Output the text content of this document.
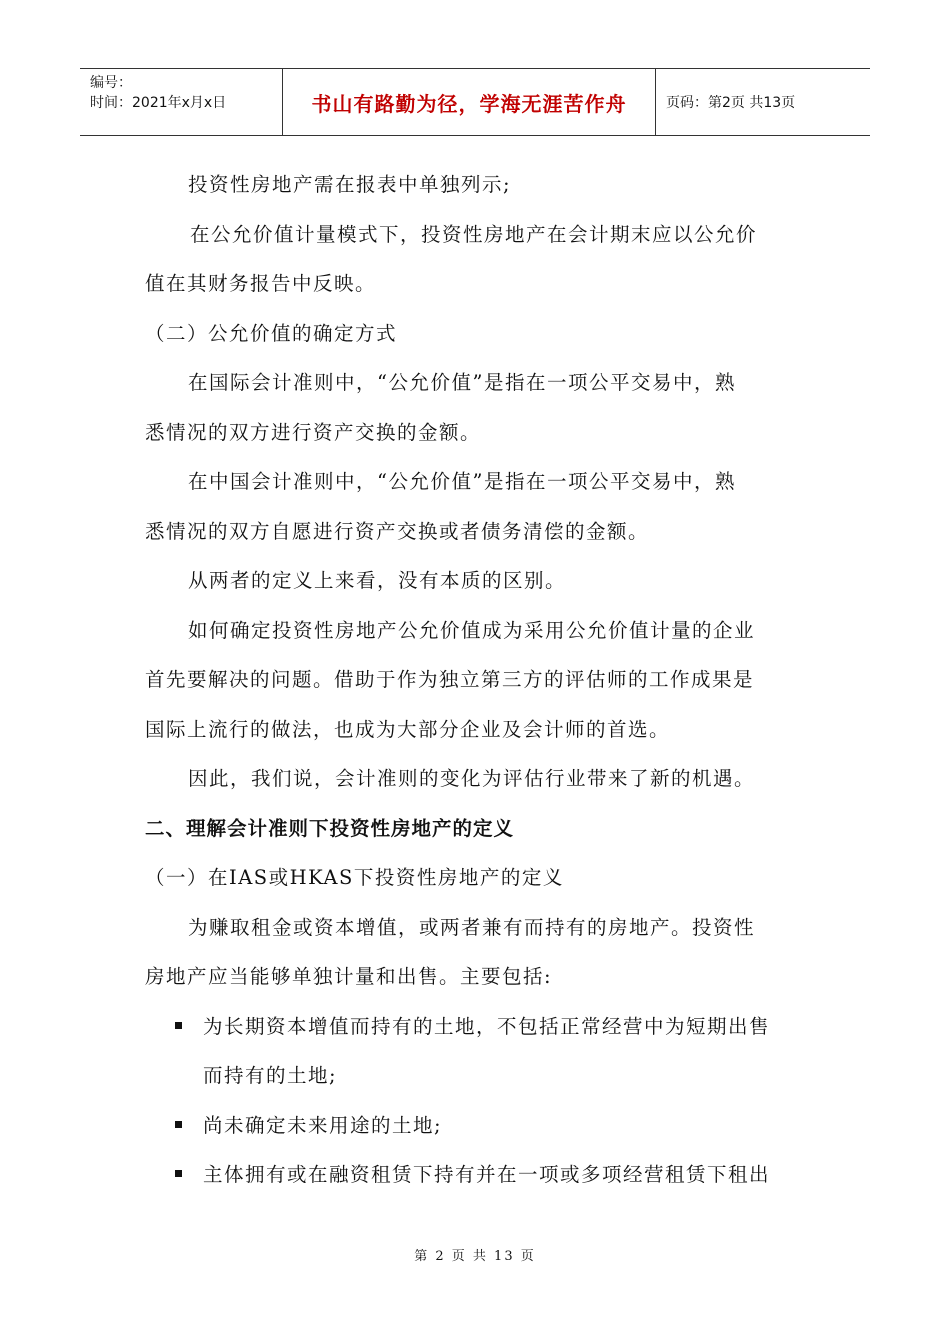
编号：
时间：2021年x月x日	书山有路勤为径，学海无涯苦作舟	页码：第2页 共13页

投资性房地产需在报表中单独列示;

在公允价值计量模式下，投资性房地产在会计期末应以公允价

值在其财务报告中反映。

（二）公允价值的确定方式

在国际会计准则中，“公允价值”是指在一项公平交易中，熟

悉情况的双方进行资产交换的金额。

在中国会计准则中，“公允价值”是指在一项公平交易中，熟

悉情况的双方自愿进行资产交换或者债务清偿的金额。

从两者的定义上来看，没有本质的区别。

如何确定投资性房地产公允价值成为采用公允价值计量的企业

首先要解决的问题。借助于作为独立第三方的评估师的工作成果是

国际上流行的做法，也成为大部分企业及会计师的首选。

因此，我们说，会计准则的变化为评估行业带来了新的机遇。

二、理解会计准则下投资性房地产的定义

（一）在IAS或HKAS下投资性房地产的定义

为赚取租金或资本增值，或两者兼有而持有的房地产。投资性

房地产应当能够单独计量和出售。主要包括:

为长期资本增值而持有的土地，不包括正常经营中为短期出售
而持有的土地;
尚未确定未来用途的土地;
主体拥有或在融资租赁下持有并在一项或多项经营租赁下租出
第 2 页 共 13 页
